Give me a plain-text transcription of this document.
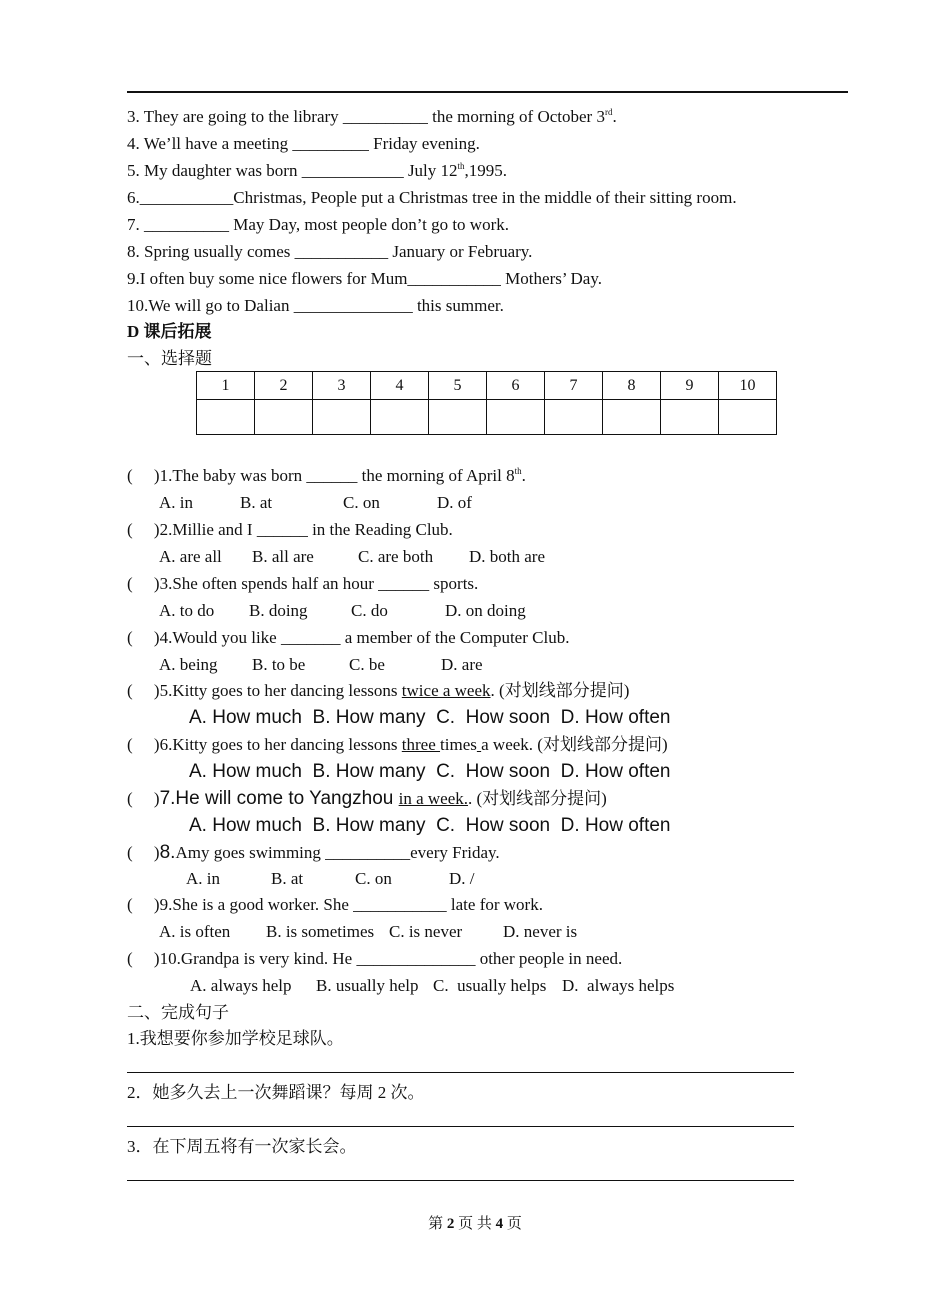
3. They are going to the library __________ the morning of October 3rd.
4. We’ll have a meeting _________ Friday evening.
5. My daughter was born ____________ July 12th,1995.
6.___________Christmas, People put a Christmas tree in the middle of their sitting room.
7. __________ May Day, most people don’t go to work.
8. Spring usually comes ___________ January or February.
9.I often buy some nice flowers for Mum___________ Mothers’ Day.
10.We will go to Dalian ______________ this summer.
D 课后拓展
一、选择题
1	2	3	4	5	6	7	8	9	10

(     )1.The baby was born ______ the morning of April 8th.
A. in	B. at	C. on	D. of
(     )2.Millie and I ______ in the Reading Club.
A. are all B. all are	C. are both D. both are
(     )3.She often spends half an hour ______ sports.
A. to do B. doing	C. do	D. on doing
(     )4.Would you like _______ a member of the Computer Club.
A. being B. to be	C. be	D. are
(     )5.Kitty goes to her dancing lessons twice a week. (对划线部分提问)
A. How much  B. How many  C.  How soon  D. How often
(     )6.Kitty goes to her dancing lessons three times a week. (对划线部分提问)
A. How much  B. How many  C.  How soon  D. How often
(     )7.He will come to Yangzhou in a week.. (对划线部分提问)
A. How much  B. How many  C.  How soon  D. How often
(     )8.Amy goes swimming __________every Friday.
A. in	B. at	C. on	D. /
(     )9.She is a good worker. She ___________ late for work.
A. is often B. is sometimes C. is never D. never is
(     )10.Grandpa is very kind. He ______________ other people in need.
A. always help B. usually help C.  usually helps D.  always helps
二、完成句子
1.我想要你参加学校足球队。
2．她多久去上一次舞蹈课？每周 2 次。
3．在下周五将有一次家长会。
第 2 页 共 4 页
